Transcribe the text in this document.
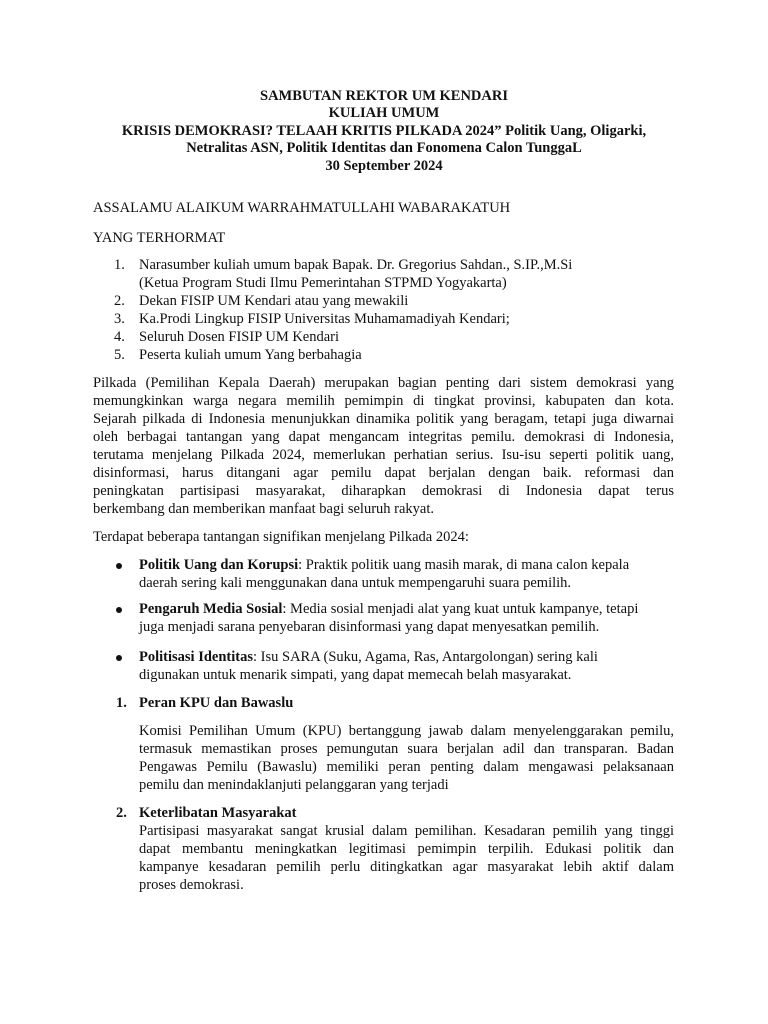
SAMBUTAN REKTOR UM KENDARI
KULIAH UMUM
KRISIS DEMOKRASI? TELAAH KRITIS PILKADA 2024” Politik Uang, Oligarki,
Netralitas ASN, Politik Identitas dan Fonomena Calon TunggaL
30 September 2024
ASSALAMU ALAIKUM WARRAHMATULLAHI WABARAKATUH
YANG TERHORMAT
1. Narasumber kuliah umum bapak Bapak. Dr. Gregorius Sahdan., S.IP.,M.Si
(Ketua Program Studi Ilmu Pemerintahan STPMD Yogyakarta)
2. Dekan FISIP UM Kendari atau yang mewakili
3. Ka.Prodi Lingkup FISIP Universitas Muhamamadiyah Kendari;
4. Seluruh Dosen FISIP UM Kendari
5. Peserta kuliah umum Yang berbahagia
Pilkada (Pemilihan Kepala Daerah) merupakan bagian penting dari sistem demokrasi yang
memungkinkan warga negara memilih pemimpin di tingkat provinsi, kabupaten dan kota.
Sejarah pilkada di Indonesia menunjukkan dinamika politik yang beragam, tetapi juga diwarnai
oleh berbagai tantangan yang dapat mengancam integritas pemilu. demokrasi di Indonesia,
terutama menjelang Pilkada 2024, memerlukan perhatian serius. Isu-isu seperti politik uang,
disinformasi, harus ditangani agar pemilu dapat berjalan dengan baik. reformasi dan
peningkatan partisipasi masyarakat, diharapkan demokrasi di Indonesia dapat terus
berkembang dan memberikan manfaat bagi seluruh rakyat.
Terdapat beberapa tantangan signifikan menjelang Pilkada 2024:
Politik Uang dan Korupsi: Praktik politik uang masih marak, di mana calon kepala
daerah sering kali menggunakan dana untuk mempengaruhi suara pemilih.
Pengaruh Media Sosial: Media sosial menjadi alat yang kuat untuk kampanye, tetapi
juga menjadi sarana penyebaran disinformasi yang dapat menyesatkan pemilih.
Politisasi Identitas: Isu SARA (Suku, Agama, Ras, Antargolongan) sering kali
digunakan untuk menarik simpati, yang dapat memecah belah masyarakat.
1. Peran KPU dan Bawaslu
Komisi Pemilihan Umum (KPU) bertanggung jawab dalam menyelenggarakan pemilu,
termasuk memastikan proses pemungutan suara berjalan adil dan transparan. Badan
Pengawas Pemilu (Bawaslu) memiliki peran penting dalam mengawasi pelaksanaan
pemilu dan menindaklanjuti pelanggaran yang terjadi
2. Keterlibatan Masyarakat
Partisipasi masyarakat sangat krusial dalam pemilihan. Kesadaran pemilih yang tinggi
dapat membantu meningkatkan legitimasi pemimpin terpilih. Edukasi politik dan
kampanye kesadaran pemilih perlu ditingkatkan agar masyarakat lebih aktif dalam
proses demokrasi.
